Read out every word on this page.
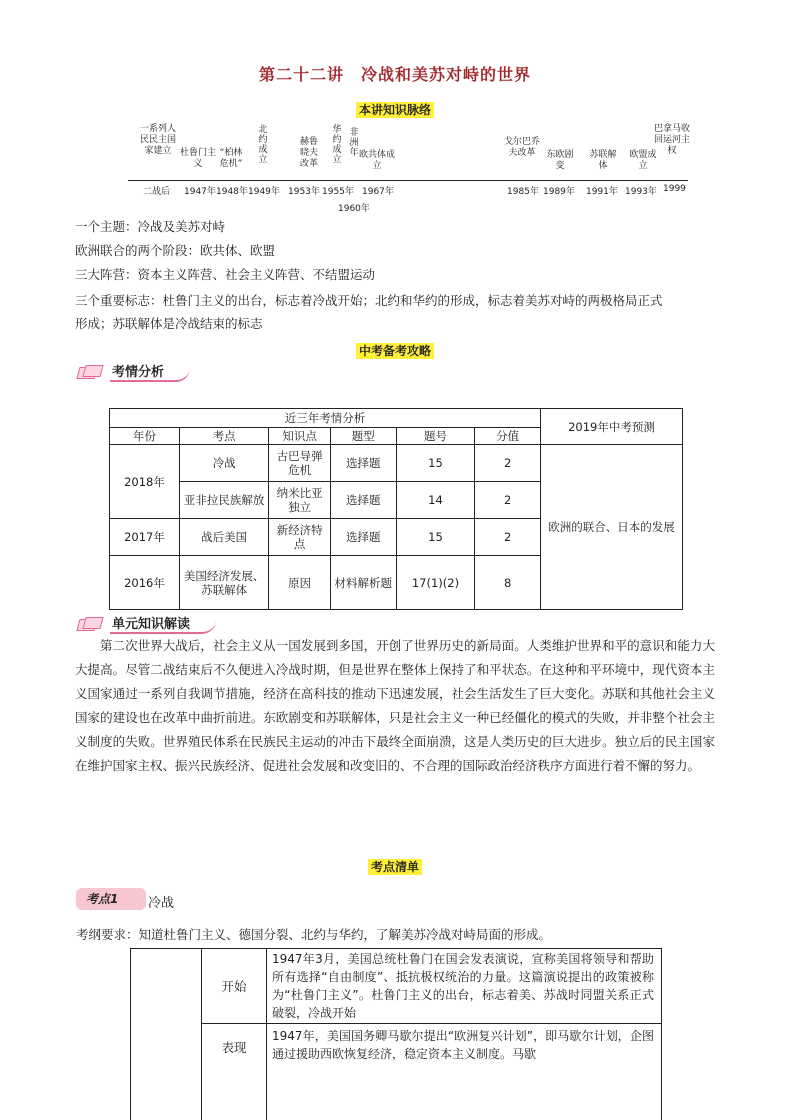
第二十二讲　冷战和美苏对峙的世界
本讲知识脉络
一系列人民民主国家建立 杜鲁门主义
“柏林危机”
北约成立
赫鲁晓夫改革
华约成立
非洲年 欧共体成立
戈尔巴乔夫改革	东欧剧变
苏联解体
欧盟成立
巴拿马收回运河主权
二战后 1947年 1948年 1949年 1953年 1955年 1967年
1960年
1985年 1989年 1991年 1993年 1999
一个主题：冷战及美苏对峙
欧洲联合的两个阶段：欧共体、欧盟
三大阵营：资本主义阵营、社会主义阵营、不结盟运动
三个重要标志：杜鲁门主义的出台，标志着冷战开始；北约和华约的形成，标志着美苏对峙的两极格局正式
形成；苏联解体是冷战结束的标志
中考备考攻略
考情分析
近三年考情分析						2019年中考预测
年份	考点	知识点	题型	题号	分值	
2018年	冷战	古巴导弹危机	选择题	15	2	欧洲的联合、日本的发展
	亚非拉民族解放	纳米比亚独立	选择题	14	2	
2017年	战后美国	新经济特点	选择题	15	2	
2016年	美国经济发展、苏联解体	原因	材料解析题	17(1)(2)	8	
单元知识解读
第二次世界大战后，社会主义从一国发展到多国，开创了世界历史的新局面。人类维护世界和平的意识和能力大大提高。尽管二战结束后不久便进入冷战时期，但是世界在整体上保持了和平状态。在这种和平环境中，现代资本主义国家通过一系列自我调节措施，经济在高科技的推动下迅速发展，社会生活发生了巨大变化。苏联和其他社会主义国家的建设也在改革中曲折前进。东欧剧变和苏联解体，只是社会主义一种已经僵化的模式的失败，并非整个社会主义制度的失败。世界殖民体系在民族民主运动的冲击下最终全面崩溃，这是人类历史的巨大进步。独立后的民主国家在维护国家主权、振兴民族经济、促进社会发展和改变旧的、不合理的国际政治经济秩序方面进行着不懈的努力。
考点清单
考点1	冷战
考纲要求：知道杜鲁门主义、德国分裂、北约与华约，了解美苏冷战对峙局面的形成。
开始
1947年3月，美国总统杜鲁门在国会发表演说，宣称美国将领导和帮助所有选择“自由制度”、抵抗极权统治的力量。这篇演说提出的政策被称为“杜鲁门主义”。杜鲁门主义的出台，标志着美、苏战时同盟关系正式破裂，冷战开始
表现
1947年，美国国务卿马歇尔提出“欧洲复兴计划”，即马歇尔计划，企图通过援助西欧恢复经济，稳定资本主义制度。马歇
